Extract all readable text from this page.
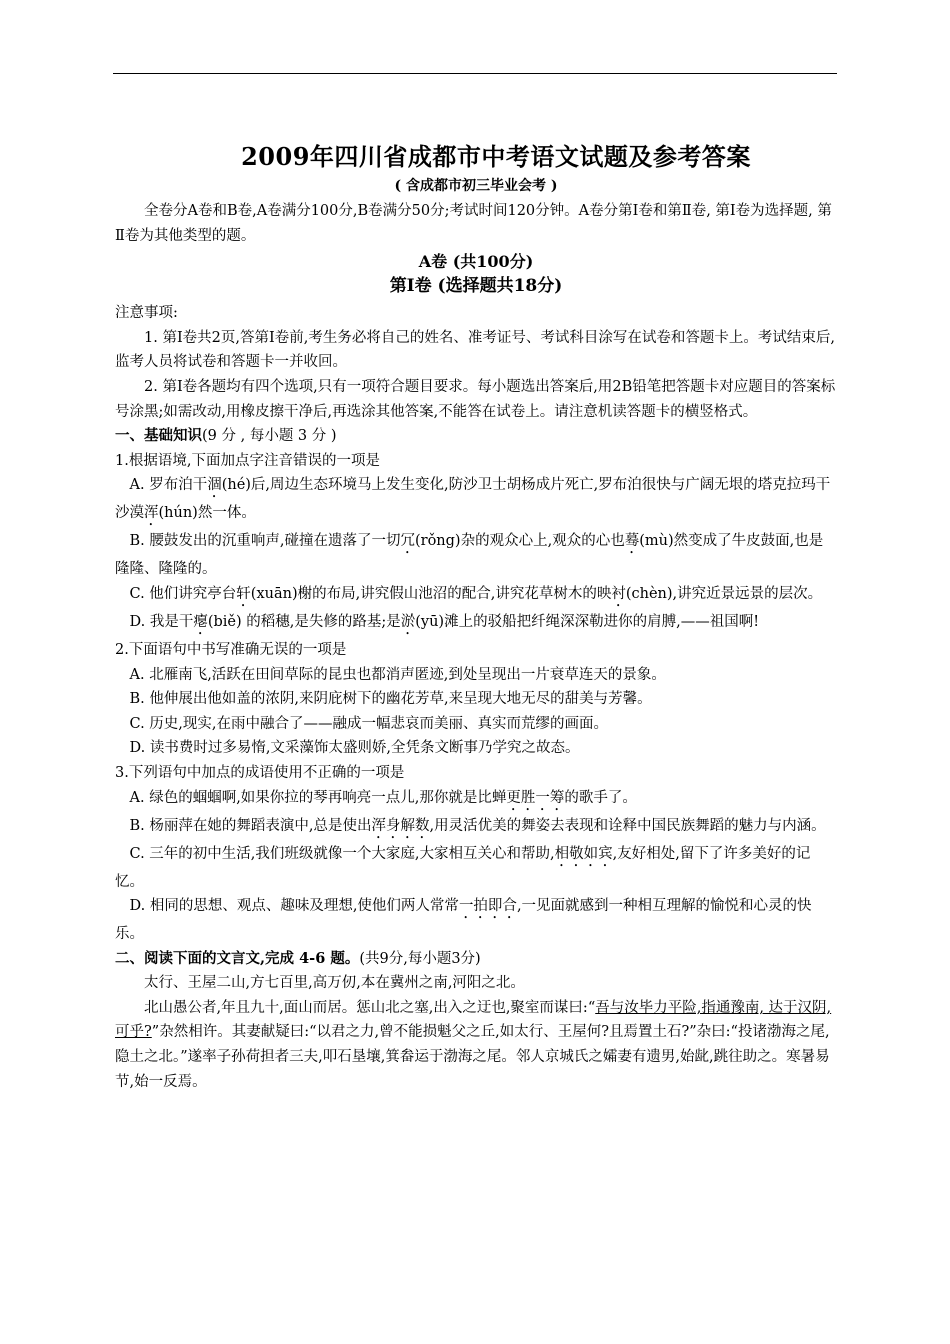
2009年四川省成都市中考语文试题及参考答案
( 含成都市初三毕业会考 )

全卷分A卷和B卷,A卷满分100分,B卷满分50分;考试时间120分钟。A卷分第Ⅰ卷和第Ⅱ卷, 第Ⅰ卷为选择题, 第Ⅱ卷为其他类型的题。

A卷 (共100分)
第Ⅰ卷 (选择题共18分)

注意事项:

1. 第Ⅰ卷共2页,答第Ⅰ卷前,考生务必将自己的姓名、准考证号、考试科目涂写在试卷和答题卡上。考试结束后,监考人员将试卷和答题卡一并收回。

2. 第Ⅰ卷各题均有四个选项,只有一项符合题目要求。每小题选出答案后,用2B铅笔把答题卡对应题目的答案标号涂黑;如需改动,用橡皮擦干净后,再选涂其他答案,不能答在试卷上。请注意机读答题卡的横竖格式。

一、基础知识(9 分 , 每小题 3 分 )

1.根据语境,下面加点字注音错误的一项是

A. 罗布泊干涸(hé)后,周边生态环境马上发生变化,防沙卫士胡杨成片死亡,罗布泊很快与广阔无垠的塔克拉玛干沙漠浑(hún)然一体。

B. 腰鼓发出的沉重响声,碰撞在遗落了一切冗(rǒng)杂的观众心上,观众的心也蓦(mù)然变成了牛皮鼓面,也是隆隆、隆隆的。

C. 他们讲究亭台轩(xuān)榭的布局,讲究假山池沼的配合,讲究花草树木的映衬(chèn),讲究近景远景的层次。

D. 我是干瘪(biě) 的稻穗,是失修的路基;是淤(yū)滩上的驳船把纤绳深深勒进你的肩膊,——祖国啊!

2.下面语句中书写准确无误的一项是

A. 北雁南飞,活跃在田间草际的昆虫也都消声匿迹,到处呈现出一片衰草连天的景象。

B. 他伸展出他如盖的浓阴,来阴庇树下的幽花芳草,来呈现大地无尽的甜美与芳馨。

C. 历史,现实,在雨中融合了——融成一幅悲哀而美丽、真实而荒缪的画面。

D. 读书费时过多易惰,文采藻饰太盛则娇,全凭条文断事乃学究之故态。

3.下列语句中加点的成语使用不正确的一项是

A. 绿色的蝈蝈啊,如果你拉的琴再响亮一点儿,那你就是比蝉更胜一筹的歌手了。

B. 杨丽萍在她的舞蹈表演中,总是使出浑身解数,用灵活优美的舞姿去表现和诠释中国民族舞蹈的魅力与内涵。

C. 三年的初中生活,我们班级就像一个大家庭,大家相互关心和帮助,相敬如宾,友好相处,留下了许多美好的记忆。

D. 相同的思想、观点、趣味及理想,使他们两人常常一拍即合,一见面就感到一种相互理解的愉悦和心灵的快乐。

二、阅读下面的文言文,完成 4-6 题。(共9分,每小题3分)

太行、王屋二山,方七百里,高万仞,本在冀州之南,河阳之北。

北山愚公者,年且九十,面山而居。惩山北之塞,出入之迂也,聚室而谋曰:“吾与汝毕力平险,指通豫南, 达于汉阴,可乎?”杂然相许。其妻献疑曰:“以君之力,曾不能损魁父之丘,如太行、王屋何?且焉置土石?”杂曰:“投诸渤海之尾,隐土之北。”遂率子孙荷担者三夫,叩石垦壤,箕畚运于渤海之尾。邻人京城氏之孀妻有遗男,始龀,跳往助之。寒暑易节,始一反焉。
